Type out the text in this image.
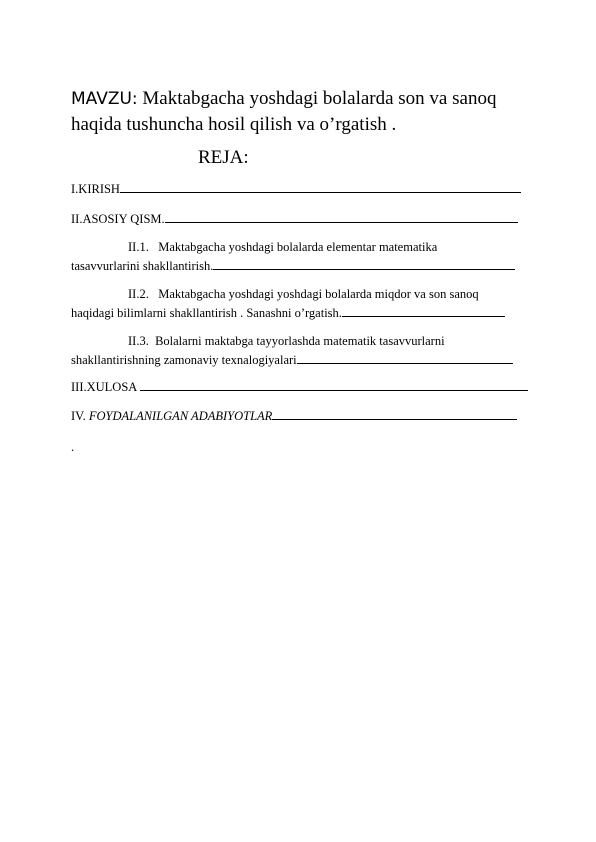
MAVZU: Maktabgacha yoshdagi bolalarda son va sanoq
haqida tushuncha hosil qilish va o’rgatish .
REJA:
I.KIRISH
II.ASOSIY QISM.
II.1. Maktabgacha yoshdagi bolalarda elementar matematika
tasavvurlarini shakllantirish.
II.2. Maktabgacha yoshdagi yoshdagi bolalarda miqdor va son sanoq
haqidagi bilimlarni shakllantirish . Sanashni o’rgatish.
II.3. Bolalarni maktabga tayyorlashda matematik tasavvurlarni
shakllantirishning zamonaviy texnalogiyalari
III.XULOSA
IV. FOYDALANILGAN ADABIYOTLAR
.
